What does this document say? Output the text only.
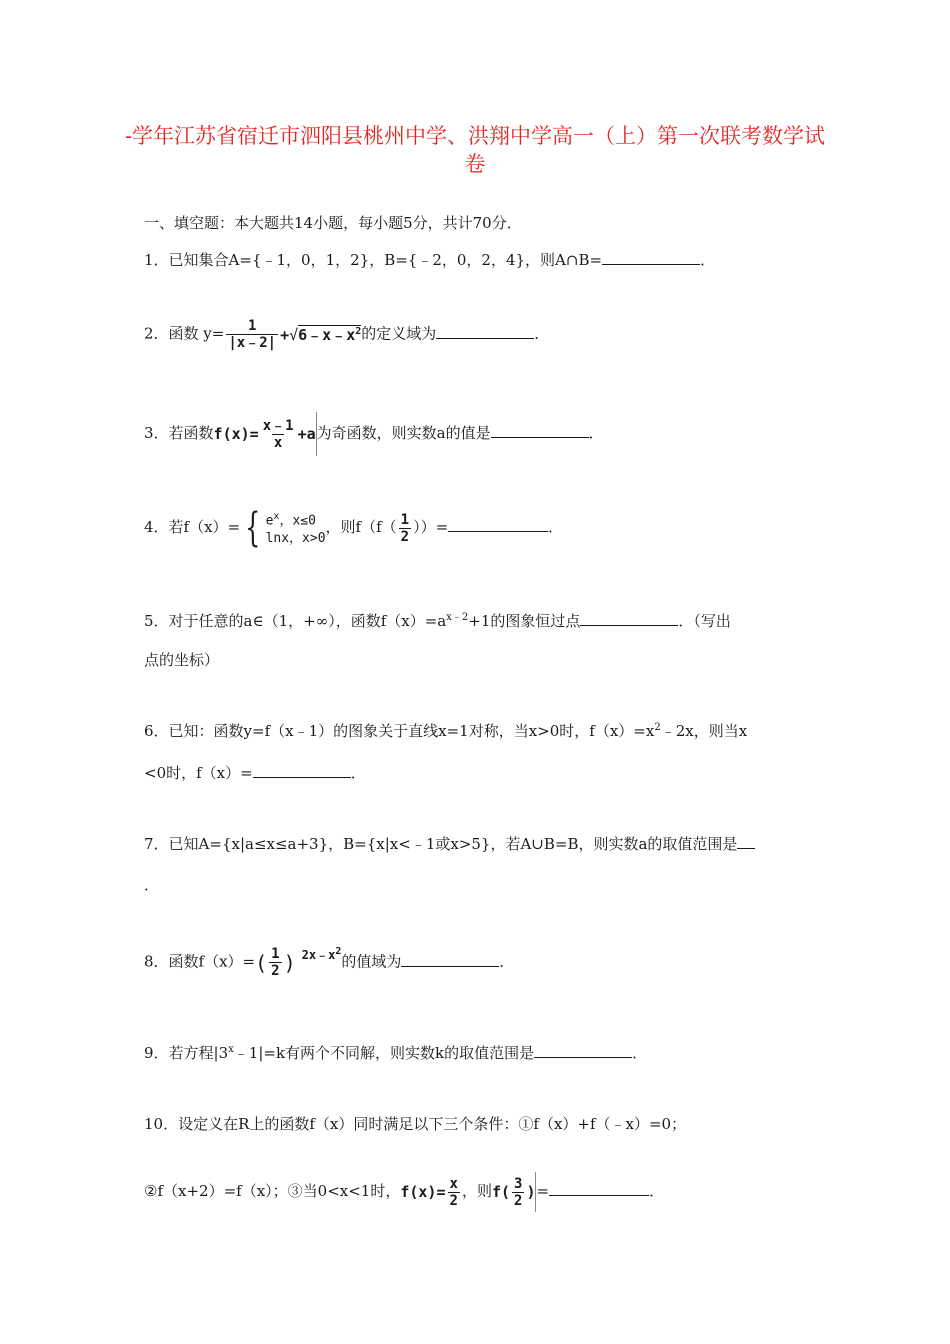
-学年江苏省宿迁市泗阳县桃州中学、洪翔中学高一（上）第一次联考数学试卷
一、填空题：本大题共14小题，每小题5分，共计70分．
1．已知集合A={﹣1，0，1，2}，B={﹣2，0，2，4}，则A∩B=	．
2．函数 $y= \frac{1}{|x﹣2|}$ $+√6﹣x﹣x^2$的定义域为	．
3．若函数$f(x)= \frac{x﹣1}{x} +a$为奇函数，则实数a的值是	．
4．若f（x）= { $e^x$，x≤0
lnx，x>0
，则$f(f( \frac{1}{2}$ ））=	．
5．对于任意的a∈（1，+∞），函数$f(x)=a^{x﹣2}+1$的图象恒过点	．（写出
点的坐标）
6．已知：函数y=f（x﹣1）的图象关于直线x=1对称，当x>0时，$f(x)=x^2﹣2x$，则当x
<0时，f（x）=	．
7．已知A={x|a≤x≤a+3}，B={x|x<﹣1或x>5}，若A∪B=B，则实数a的取值范围是
．
8．函数$f(x)=( \frac{1}{2}$ ) $2x﹣x^2$的值域为	．
9．若方程$|3^x﹣1|=k$有两个不同解，则实数k的取值范围是	．
10．设定义在R上的函数f（x）同时满足以下三个条件：①f（x）+f（﹣x）=0；
②f（x+2）=f（x）；③当0<x<1时，$f(x)= \frac{x}{2}$ ，则$f( \frac{3}{2}$ )=	．
